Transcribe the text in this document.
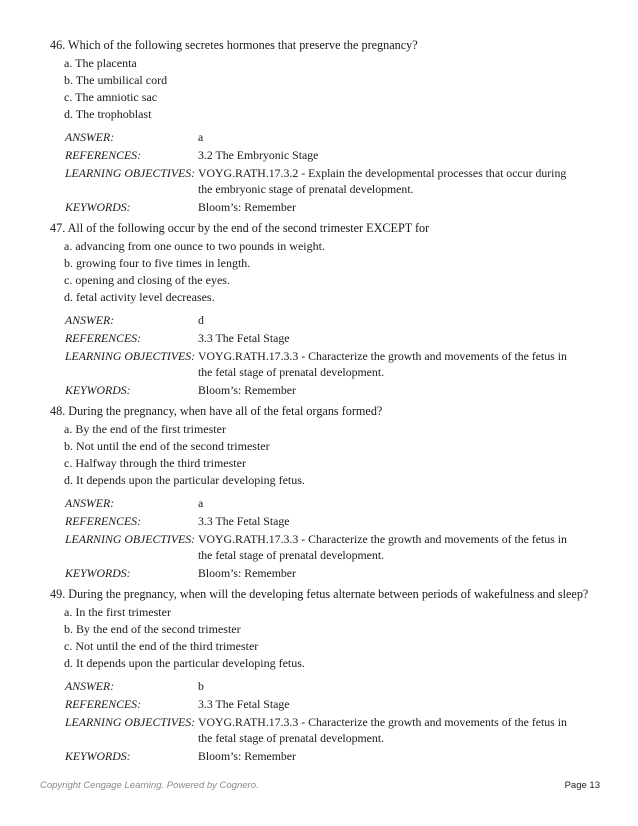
46. Which of the following secretes hormones that preserve the pregnancy?
a. The placenta
b. The umbilical cord
c. The amniotic sac
d. The trophoblast
ANSWER:	a
REFERENCES:	3.2 The Embryonic Stage
LEARNING OBJECTIVES: VOYG.RATH.17.3.2 - Explain the developmental processes that occur during the embryonic stage of prenatal development.
KEYWORDS:	Bloom’s: Remember
47. All of the following occur by the end of the second trimester EXCEPT for
a. advancing from one ounce to two pounds in weight.
b. growing four to five times in length.
c. opening and closing of the eyes.
d. fetal activity level decreases.
ANSWER:	d
REFERENCES:	3.3 The Fetal Stage
LEARNING OBJECTIVES: VOYG.RATH.17.3.3 - Characterize the growth and movements of the fetus in the fetal stage of prenatal development.
KEYWORDS:	Bloom’s: Remember
48. During the pregnancy, when have all of the fetal organs formed?
a. By the end of the first trimester
b. Not until the end of the second trimester
c. Halfway through the third trimester
d. It depends upon the particular developing fetus.
ANSWER:	a
REFERENCES:	3.3 The Fetal Stage
LEARNING OBJECTIVES: VOYG.RATH.17.3.3 - Characterize the growth and movements of the fetus in the fetal stage of prenatal development.
KEYWORDS:	Bloom’s: Remember
49. During the pregnancy, when will the developing fetus alternate between periods of wakefulness and sleep?
a. In the first trimester
b. By the end of the second trimester
c. Not until the end of the third trimester
d. It depends upon the particular developing fetus.
ANSWER:	b
REFERENCES:	3.3 The Fetal Stage
LEARNING OBJECTIVES: VOYG.RATH.17.3.3 - Characterize the growth and movements of the fetus in the fetal stage of prenatal development.
KEYWORDS:	Bloom’s: Remember
Copyright Cengage Learning. Powered by Cognero.	Page 13
